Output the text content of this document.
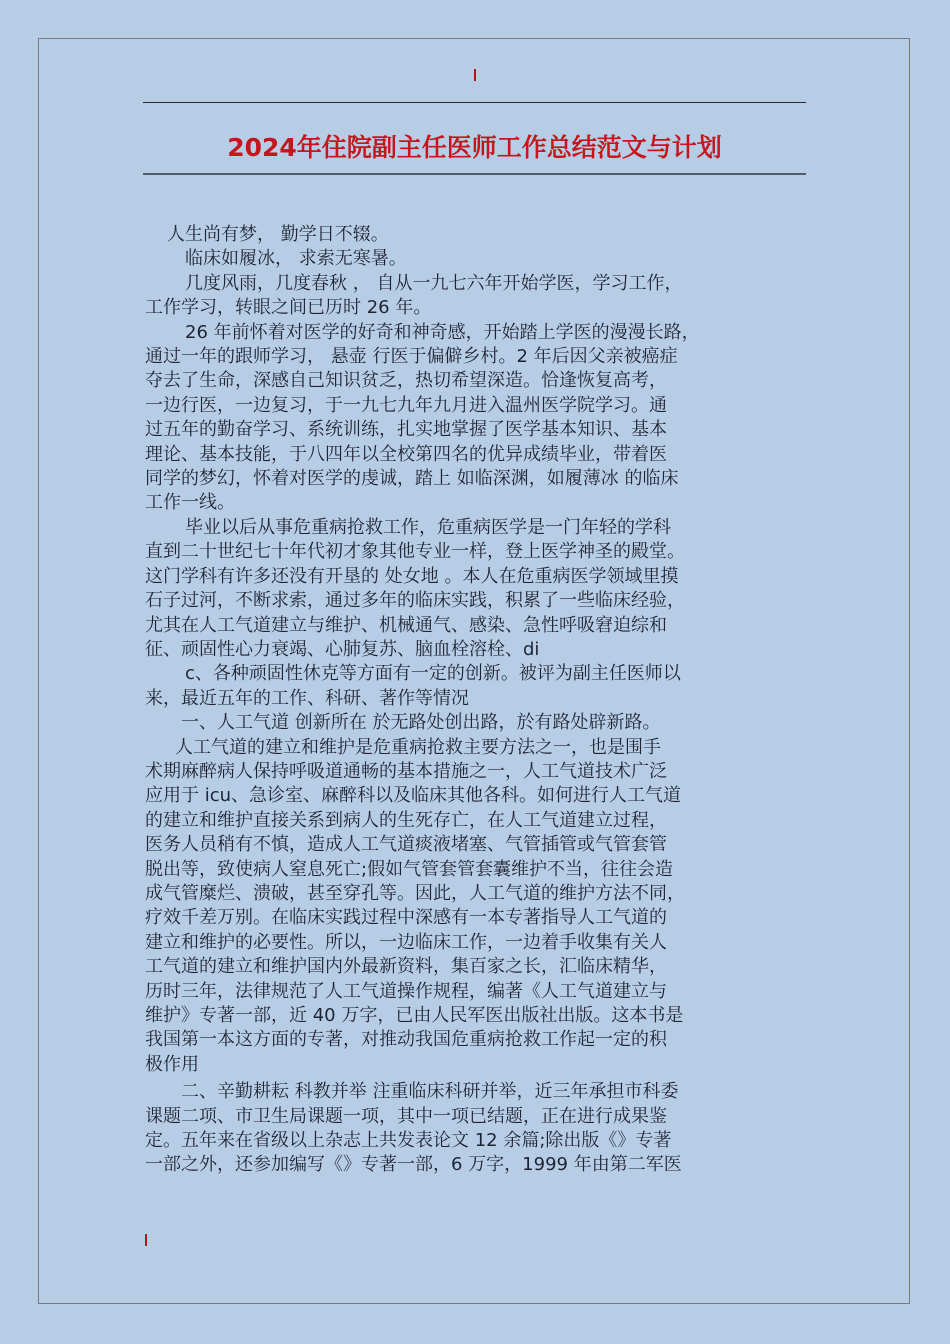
2024年住院副主任医师工作总结范文与计划
人生尚有梦， 勤学日不辍。
临床如履冰， 求索无寒暑。
几度风雨，几度春秋 ， 自从一九七六年开始学医，学习工作，
工作学习，转眼之间已历时 26 年。
26 年前怀着对医学的好奇和神奇感，开始踏上学医的漫漫长路，
通过一年的跟师学习， 悬壶 行医于偏僻乡村。2 年后因父亲被癌症
夺去了生命，深感自己知识贫乏，热切希望深造。恰逢恢复高考，
一边行医，一边复习，于一九七九年九月进入温州医学院学习。通
过五年的勤奋学习、系统训练，扎实地掌握了医学基本知识、基本
理论、基本技能，于八四年以全校第四名的优异成绩毕业，带着医
同学的梦幻，怀着对医学的虔诚，踏上 如临深渊，如履薄冰 的临床
工作一线。
毕业以后从事危重病抢救工作，危重病医学是一门年轻的学科
直到二十世纪七十年代初才象其他专业一样，登上医学神圣的殿堂。
这门学科有许多还没有开垦的 处女地 。本人在危重病医学领域里摸
石子过河，不断求索，通过多年的临床实践，积累了一些临床经验，
尤其在人工气道建立与维护、机械通气、感染、急性呼吸窘迫综和
征、顽固性心力衰竭、心肺复苏、脑血栓溶栓、di
c、各种顽固性休克等方面有一定的创新。被评为副主任医师以
来，最近五年的工作、科研、著作等情况
一、人工气道 创新所在 於无路处创出路，於有路处辟新路。
人工气道的建立和维护是危重病抢救主要方法之一，也是围手
术期麻醉病人保持呼吸道通畅的基本措施之一，人工气道技术广泛
应用于 icu、急诊室、麻醉科以及临床其他各科。如何进行人工气道
的建立和维护直接关系到病人的生死存亡，在人工气道建立过程，
医务人员稍有不慎，造成人工气道痰液堵塞、气管插管或气管套管
脱出等，致使病人窒息死亡;假如气管套管套囊维护不当，往往会造
成气管糜烂、溃破，甚至穿孔等。因此，人工气道的维护方法不同，
疗效千差万别。在临床实践过程中深感有一本专著指导人工气道的
建立和维护的必要性。所以，一边临床工作，一边着手收集有关人
工气道的建立和维护国内外最新资料，集百家之长，汇临床精华，
历时三年，法律规范了人工气道操作规程，编著《人工气道建立与
维护》专著一部，近 40 万字，已由人民军医出版社出版。这本书是
我国第一本这方面的专著，对推动我国危重病抢救工作起一定的积
极作用
二、辛勤耕耘 科教并举 注重临床科研并举，近三年承担市科委
课题二项、市卫生局课题一项，其中一项已结题，正在进行成果鉴
定。五年来在省级以上杂志上共发表论文 12 余篇;除出版《》专著
一部之外，还参加编写《》专著一部，6 万字，1999 年由第二军医
